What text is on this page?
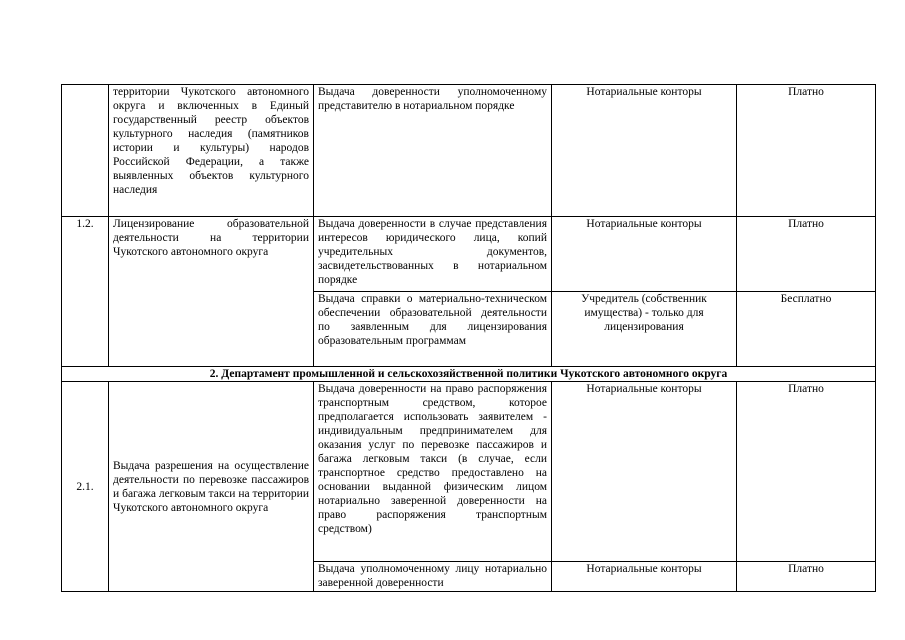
	территории Чукотского автономного округа и включенных в Единый государственный реестр объектов культурного наследия (памятников истории и культуры) народов Российской Федерации, а также выявленных объектов культурного наследия	Выдача доверенности уполномоченному представителю в нотариальном порядке	Нотариальные конторы	Платно
1.2.	Лицензирование образовательной деятельности на территории Чукотского автономного округа	Выдача доверенности в случае представления интересов юридического лица, копий учредительных документов, засвидетельствованных в нотариальном порядке	Нотариальные конторы	Платно
		Выдача справки о материально-техническом обеспечении образовательной деятельности по заявленным для лицензирования образовательным программам	Учредитель (собственник имущества) - только для лицензирования	Бесплатно
2. Департамент промышленной и сельскохозяйственной политики Чукотского автономного округа				
2.1.	Выдача разрешения на осуществление деятельности по перевозке пассажиров и багажа легковым такси на территории Чукотского автономного округа	Выдача доверенности на право распоряжения транспортным средством, которое предполагается использовать заявителем - индивидуальным предпринимателем для оказания услуг по перевозке пассажиров и багажа легковым такси (в случае, если транспортное средство предоставлено на основании выданной физическим лицом нотариально заверенной доверенности на право распоряжения транспортным средством)	Нотариальные конторы	Платно
		Выдача уполномоченному лицу нотариально заверенной доверенности	Нотариальные конторы	Платно
